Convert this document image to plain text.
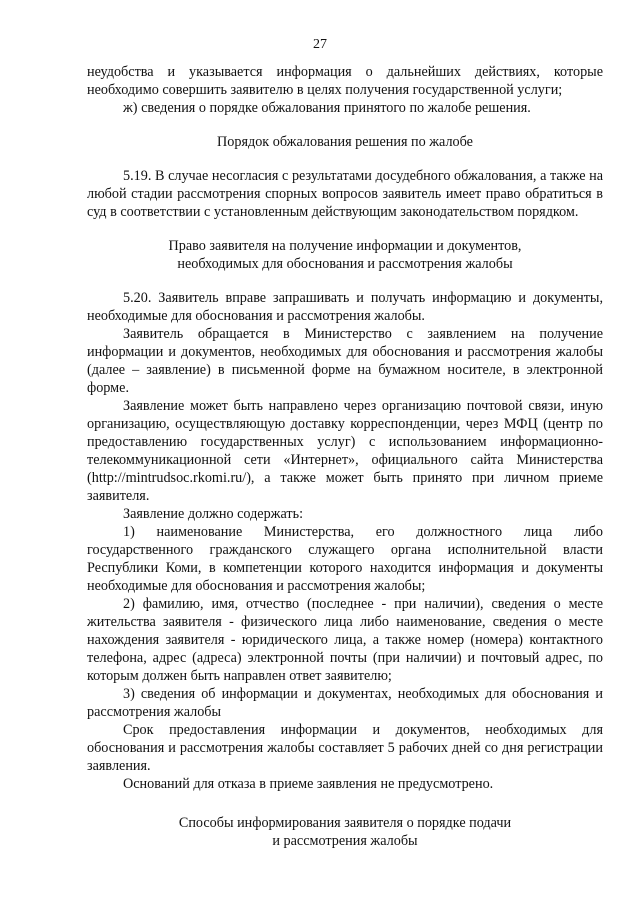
27

неудобства и указывается информация о дальнейших действиях, которые необходимо совершить заявителю в целях получения государственной услуги;

ж) сведения о порядке обжалования принятого по жалобе решения.

Порядок обжалования решения по жалобе

5.19. В случае несогласия с результатами досудебного обжалования, а также на любой стадии рассмотрения спорных вопросов заявитель имеет право обратиться в суд в соответствии с установленным действующим законодательством порядком.

Право заявителя на получение информации и документов,
необходимых для обоснования и рассмотрения жалобы

5.20. Заявитель вправе запрашивать и получать информацию и документы, необходимые для обоснования и рассмотрения жалобы.

Заявитель обращается в Министерство с заявлением на получение информации и документов, необходимых для обоснования и рассмотрения жалобы (далее – заявление) в письменной форме на бумажном носителе, в электронной форме.

Заявление может быть направлено через организацию почтовой связи, иную организацию, осуществляющую доставку корреспонденции, через МФЦ (центр по предоставлению государственных услуг) с использованием информационно-телекоммуникационной сети «Интернет», официального сайта Министерства (http://mintrudsoc.rkomi.ru/), а также может быть принято при личном приеме заявителя.

Заявление должно содержать:

1) наименование Министерства, его должностного лица либо государственного гражданского служащего органа исполнительной власти Республики Коми, в компетенции которого находится информация и документы необходимые для обоснования и рассмотрения жалобы;

2) фамилию, имя, отчество (последнее - при наличии), сведения о месте жительства заявителя - физического лица либо наименование, сведения о месте нахождения заявителя - юридического лица, а также номер (номера) контактного телефона, адрес (адреса) электронной почты (при наличии) и почтовый адрес, по которым должен быть направлен ответ заявителю;

3) сведения об информации и документах, необходимых для обоснования и рассмотрения жалобы

Срок предоставления информации и документов, необходимых для обоснования и рассмотрения жалобы составляет 5 рабочих дней со дня регистрации заявления.

Оснований для отказа в приеме заявления не предусмотрено.

Способы информирования заявителя о порядке подачи
и рассмотрения жалобы
